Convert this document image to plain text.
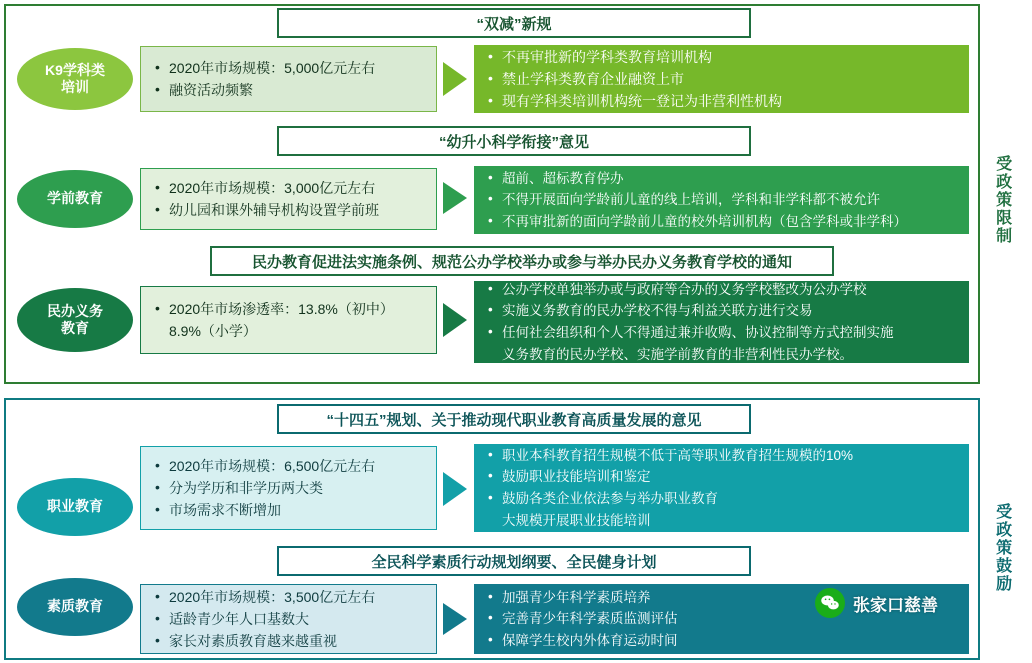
“双减”新规
K9学科类
培训
• 2020年市场规模：5,000亿元左右
• 融资活动频繁
• 不再审批新的学科类教育培训机构
• 禁止学科类教育企业融资上市
• 现有学科类培训机构统一登记为非营利性机构
“幼升小科学衔接”意见
学前教育
• 2020年市场规模：3,000亿元左右
• 幼儿园和课外辅导机构设置学前班
• 超前、超标教育停办
• 不得开展面向学龄前儿童的线上培训，学科和非学科都不被允许
• 不再审批新的面向学龄前儿童的校外培训机构（包含学科或非学科）
民办教育促进法实施条例、规范公办学校举办或参与举办民办义务教育学校的通知
民办义务
教育
• 2020年市场渗透率：13.8%（初中）
8.9%（小学）
• 公办学校单独举办或与政府等合办的义务学校整改为公办学校
• 实施义务教育的民办学校不得与利益关联方进行交易
• 任何社会组织和个人不得通过兼并收购、协议控制等方式控制实施
义务教育的民办学校、实施学前教育的非营利性民办学校。
受政策限制
“十四五”规划、关于推动现代职业教育高质量发展的意见
职业教育
• 2020年市场规模：6,500亿元左右
• 分为学历和非学历两大类
• 市场需求不断增加
• 职业本科教育招生规模不低于高等职业教育招生规模的10%
• 鼓励职业技能培训和鉴定
• 鼓励各类企业依法参与举办职业教育
大规模开展职业技能培训
全民科学素质行动规划纲要、全民健身计划
素质教育
• 2020年市场规模：3,500亿元左右
• 适龄青少年人口基数大
• 家长对素质教育越来越重视
• 加强青少年科学素质培养
• 完善青少年科学素质监测评估
• 保障学生校内外体育运动时间
受政策鼓励
张家口慈善
